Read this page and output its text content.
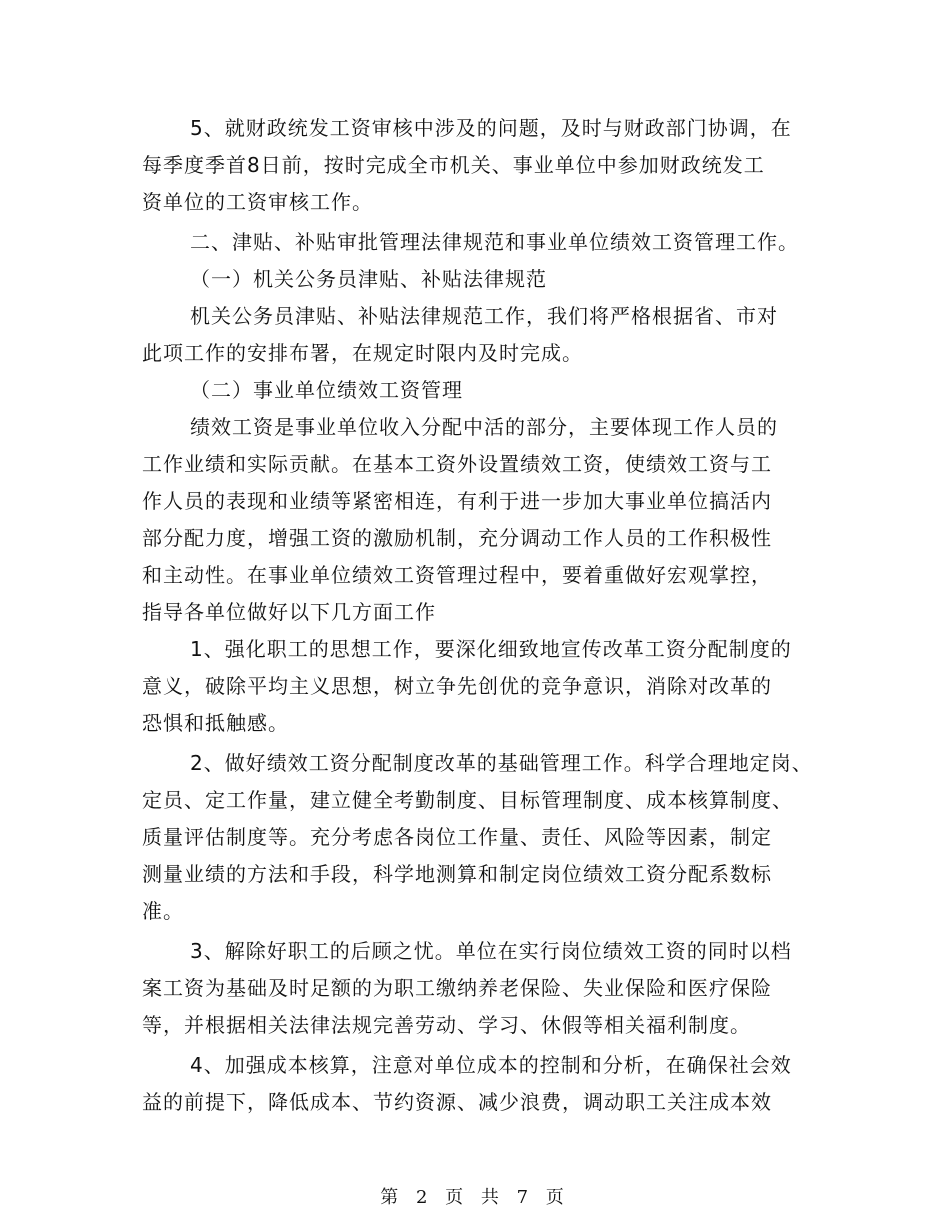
5、就财政统发工资审核中涉及的问题，及时与财政部门协调，在
每季度季首8日前，按时完成全市机关、事业单位中参加财政统发工
资单位的工资审核工作。
二、津贴、补贴审批管理法律规范和事业单位绩效工资管理工作。
（一）机关公务员津贴、补贴法律规范
机关公务员津贴、补贴法律规范工作，我们将严格根据省、市对
此项工作的安排布署，在规定时限内及时完成。
（二）事业单位绩效工资管理
绩效工资是事业单位收入分配中活的部分，主要体现工作人员的
工作业绩和实际贡献。在基本工资外设置绩效工资，使绩效工资与工
作人员的表现和业绩等紧密相连，有利于进一步加大事业单位搞活内
部分配力度，增强工资的激励机制，充分调动工作人员的工作积极性
和主动性。在事业单位绩效工资管理过程中，要着重做好宏观掌控，
指导各单位做好以下几方面工作
1、强化职工的思想工作，要深化细致地宣传改革工资分配制度的
意义，破除平均主义思想，树立争先创优的竞争意识，消除对改革的
恐惧和抵触感。
2、做好绩效工资分配制度改革的基础管理工作。科学合理地定岗、
定员、定工作量，建立健全考勤制度、目标管理制度、成本核算制度、
质量评估制度等。充分考虑各岗位工作量、责任、风险等因素，制定
测量业绩的方法和手段，科学地测算和制定岗位绩效工资分配系数标
准。
3、解除好职工的后顾之忧。单位在实行岗位绩效工资的同时以档
案工资为基础及时足额的为职工缴纳养老保险、失业保险和医疗保险
等，并根据相关法律法规完善劳动、学习、休假等相关福利制度。
4、加强成本核算，注意对单位成本的控制和分析，在确保社会效
益的前提下，降低成本、节约资源、减少浪费，调动职工关注成本效
第 2 页 共 7 页
